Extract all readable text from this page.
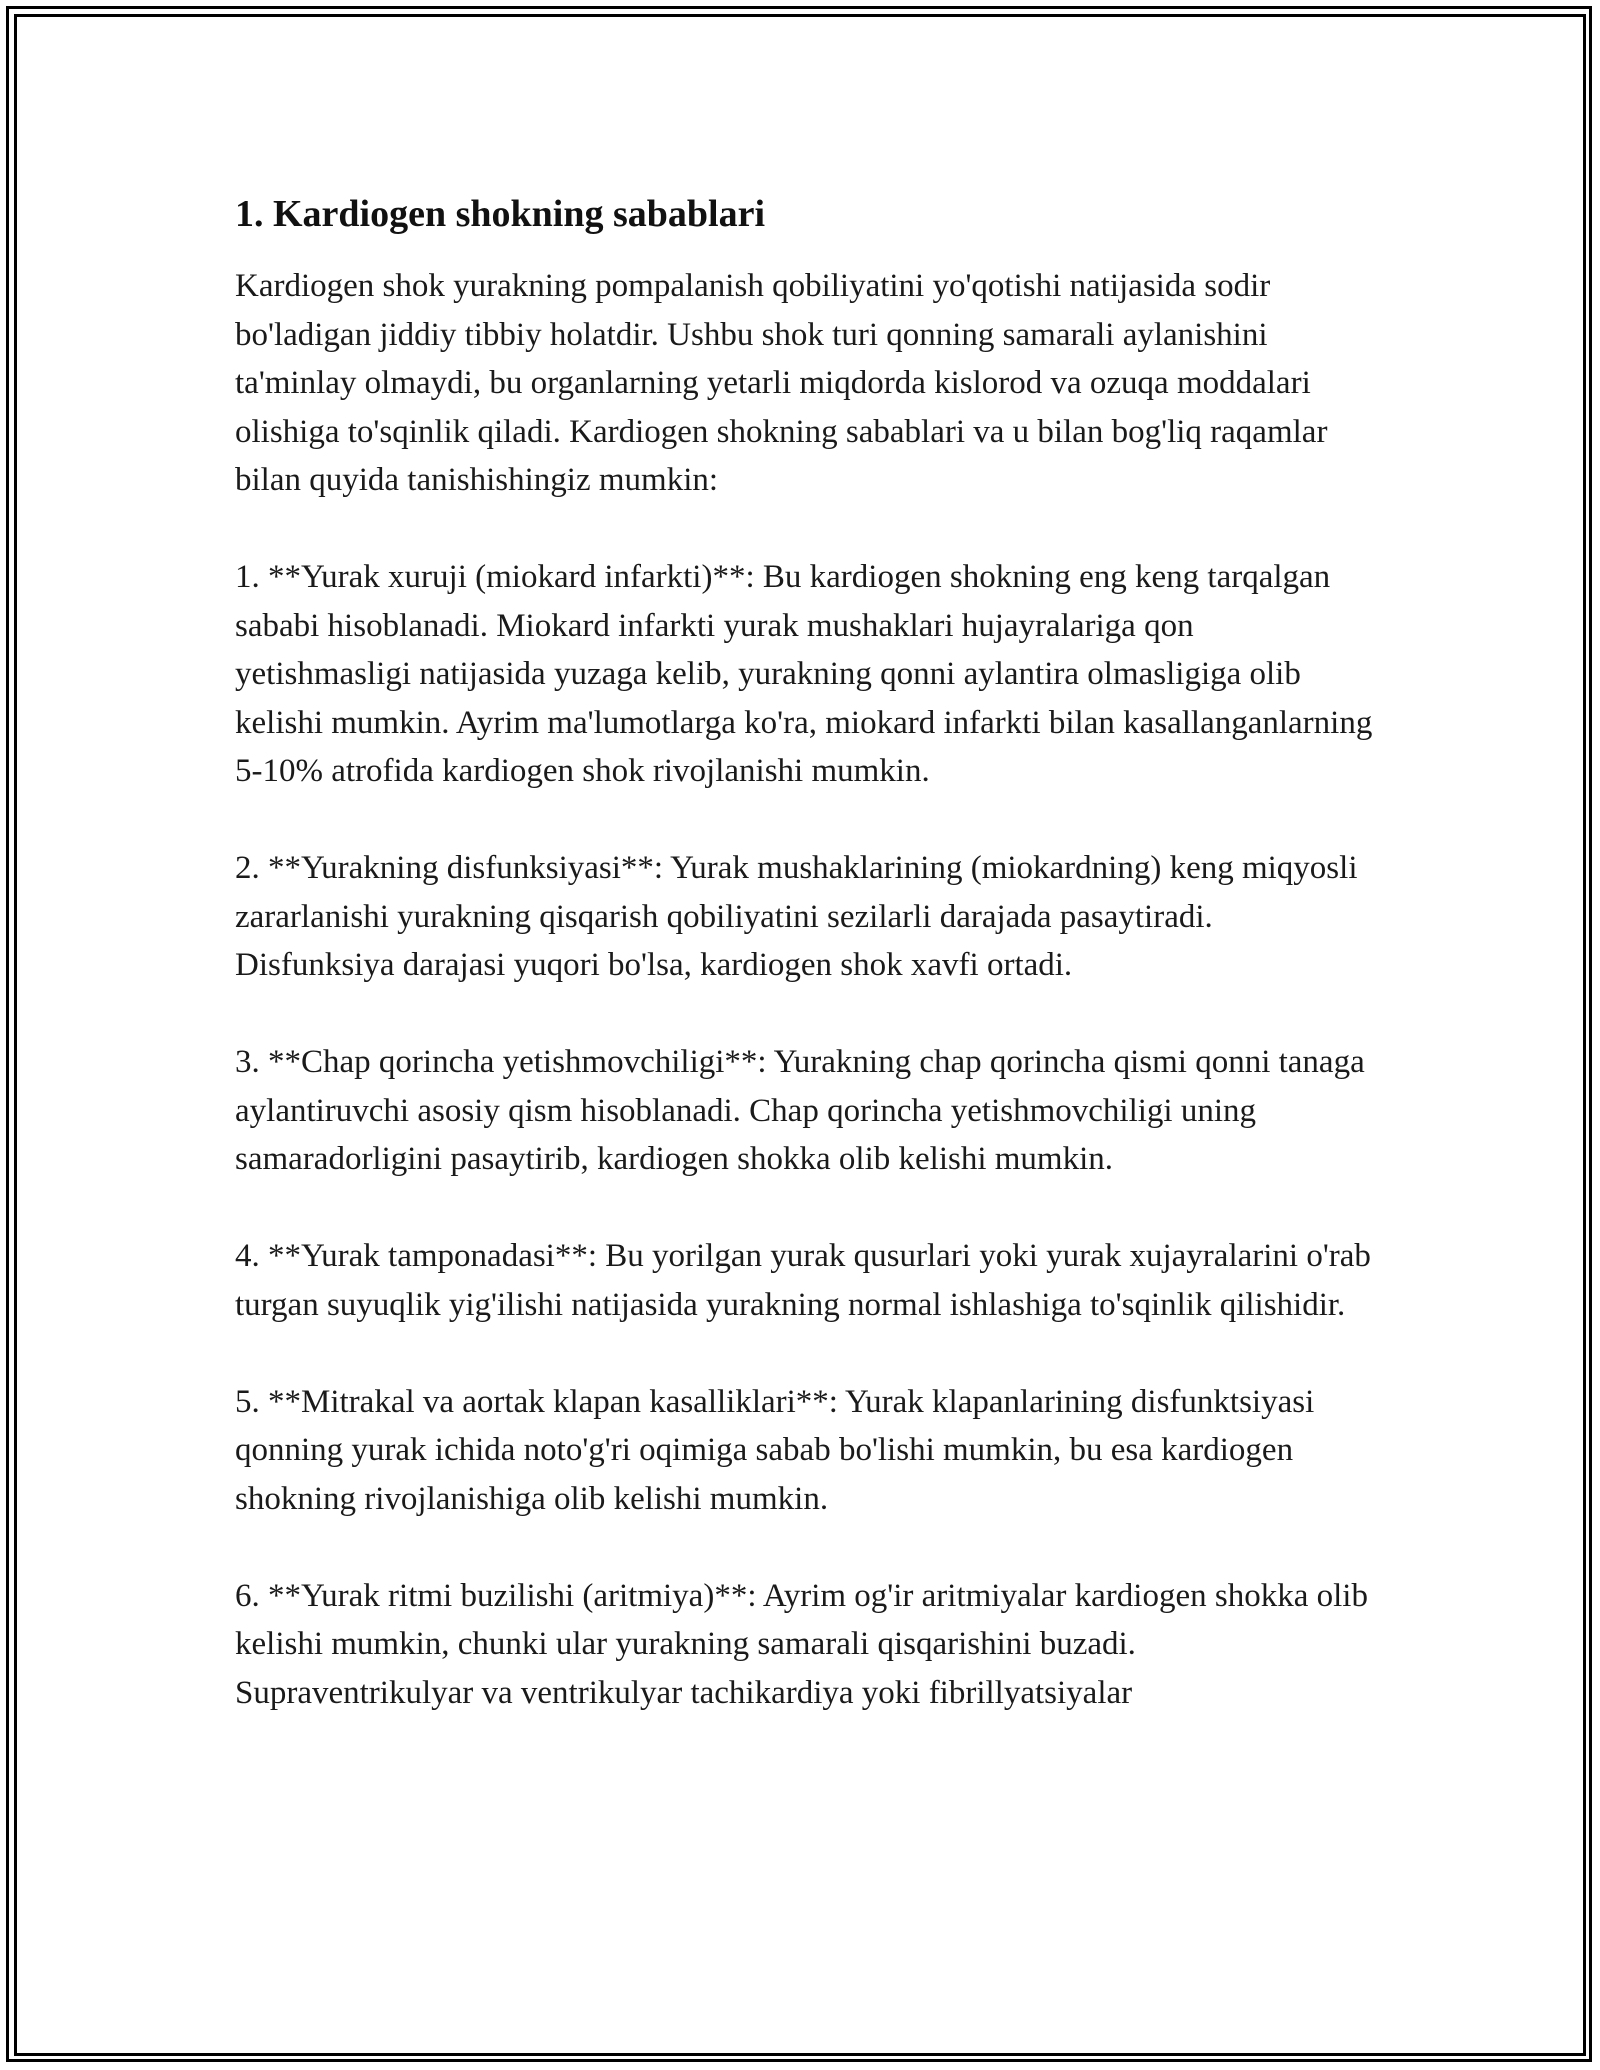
1. Kardiogen shokning sabablari

Kardiogen shok yurakning pompalanish qobiliyatini yo'qotishi natijasida sodir bo'ladigan jiddiy tibbiy holatdir. Ushbu shok turi qonning samarali aylanishini ta'minlay olmaydi, bu organlarning yetarli miqdorda kislorod va ozuqa moddalari olishiga to'sqinlik qiladi. Kardiogen shokning sabablari va u bilan bog'liq raqamlar bilan quyida tanishishingiz mumkin:

1. **Yurak xuruji (miokard infarkti)**: Bu kardiogen shokning eng keng tarqalgan sababi hisoblanadi. Miokard infarkti yurak mushaklari hujayralariga qon yetishmasligi natijasida yuzaga kelib, yurakning qonni aylantira olmasligiga olib kelishi mumkin. Ayrim ma'lumotlarga ko'ra, miokard infarkti bilan kasallanganlarning 5-10% atrofida kardiogen shok rivojlanishi mumkin.

2. **Yurakning disfunksiyasi**: Yurak mushaklarining (miokardning) keng miqyosli zararlanishi yurakning qisqarish qobiliyatini sezilarli darajada pasaytiradi. Disfunksiya darajasi yuqori bo'lsa, kardiogen shok xavfi ortadi.

3. **Chap qorincha yetishmovchiligi**: Yurakning chap qorincha qismi qonni tanaga aylantiruvchi asosiy qism hisoblanadi. Chap qorincha yetishmovchiligi uning samaradorligini pasaytirib, kardiogen shokka olib kelishi mumkin.

4. **Yurak tamponadasi**: Bu yorilgan yurak qusurlari yoki yurak xujayralarini o'rab turgan suyuqlik yig'ilishi natijasida yurakning normal ishlashiga to'sqinlik qilishidir.

5. **Mitrakal va aortak klapan kasalliklari**: Yurak klapanlarining disfunktsiyasi qonning yurak ichida noto'g'ri oqimiga sabab bo'lishi mumkin, bu esa kardiogen shokning rivojlanishiga olib kelishi mumkin.

6. **Yurak ritmi buzilishi (aritmiya)**: Ayrim og'ir aritmiyalar kardiogen shokka olib kelishi mumkin, chunki ular yurakning samarali qisqarishini buzadi. Supraventrikulyar va ventrikulyar tachikardiya yoki fibrillyatsiyalar
